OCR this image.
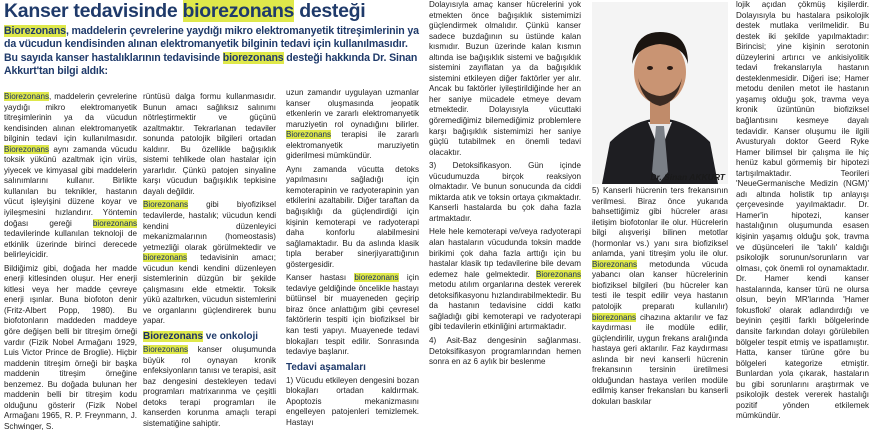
Kanser tedavisinde biorezonans desteği
Biorezonans, maddelerin çevrelerine yaydığı mikro elektromanyetik titreşimlerinin ya da vücudun kendisinden alınan elektromanyetik bilginin tedavi için kullanılmasıdır. Bu sayıda kanser hastalıklarının tedavisinde biorezonans desteği hakkında Dr. Sinan Akkurt'tan bilgi aldık:

Biorezonans, maddelerin çevrelerine yaydığı mikro elektromanyetik titreşimlerinin ya da vücudun kendisinden alınan elektromanyetik bilginin tedavi için kullanılmasıdır. Biorezonans aynı zamanda vücudu toksik yükünü azaltmak için virüs, yiyecek ve kimyasal gibi maddelerin salınımlarını kullanır. Birlikte kullanılan bu teknikler, hastanın vücut işleyişini düzene koyar ve iyileşmesini hızlandırır. Yöntemin doğası gereği biorezonans tedavilerinde kullanılan teknoloji de etkinlik üzerinde birinci derecede belirleyicidir.

Bildiğimiz gibi, doğada her madde enerji kitlesinden oluşur. Her enerji kitlesi veya her madde çevreye enerji ışınlar. Buna biofoton denir (Fritz-Albert Popp, 1980). Bu biofotonların maddeden maddeye göre değişen belli bir titreşim örneği vardır (Fizik Nobel Armağanı 1929, Luis Victor Prince de Broglie). Hiçbir maddenin titreşim örneği bir başka maddenin titreşim örneğine benzemez. Bu doğada bulunan her maddenin belli bir titreşim kodu olduğunu gösterir (Fizik Nobel Armağanı 1965, R. P. Freynmann, J. Schwinger, S.

rüntüsü dalga formu kullanmasıdır. Bunun amacı sağlıksız salınımı nötrleştirmektir ve güçünü azaltmaktır. Tekrarlanan tedaviler sonunda patolojik bilgileri ortadan kaldırır. Bu özellikle bağışıklık sistemi tehlikede olan hastalar için yararlıdır. Çünkü patojen sinyaline karşı vücudun bağışıklık tepkisine dayalı değildir.

Biorezonans gibi biyofiziksel tedavilerde, hastalık; vücudun kendi kendini düzenleyici mekanizmalarının (homeostasis) yetmezliği olarak görülmektedir ve biorezonans tedavisinin amacı; vücudun kendi kendini düzenleyen sistemlerinin düzgün bir şekilde çalışmasını elde etmektir. Toksik yükü azaltırken, vücudun sistemlerini ve organlarını güçlendirerek bunu yapar.

Biorezonans ve onkoloji

Biorezonans kanser oluşumunda büyük rol oynayan kronik enfeksiyonların tanısı ve terapisi, asit baz dengesini destekleyen tedavi programları matrixarınma ve çeşitli detoks terapi programları ile kanserden korunma amaçlı terapi sistematiğine sahiptir.

uzun zamandır uygulayan uzmanlar kanser oluşmasında jeopatik etkenlerin ve zararlı elektromanyetik maruziyetin rol oynadığını bilirler. Biorezonans terapisi ile zararlı elektromanyetik maruziyetin giderilmesi mümkündür.

Aynı zamanda vücutta detoks yapılmasını sağladığı için kemoterapinin ve radyoterapinin yan etkilerini azaltabilir. Diğer taraftan da bağışıklığı da güçlendirdiği için kişinin kemoterapi ve radyoterapi daha konforlu alabilmesini sağlamaktadır. Bu da aslında klasik tıpla beraber sinerjiyarattığının göstergesidir.

Kanser hastası biorezonans için tedaviye geldiğinde öncelikle hastayı bütünsel bir muayeneden geçirip biraz önce anlattığım gibi çevresel faktörlerin tespiti için biofiziksel bir kan testi yapıyı. Muayenede tedavi blokajları tespit edilir. Sonrasında tedaviye başlanır.

Tedavi aşamaları

1) Vücudu etkileyen dengesini bozan blokajları ortadan kaldırmak. Apoptozis mekanizmasını engelleyen patojenleri temizlemek. Hastayı

Dolayısıyla amaç kanser hücrelerini yok etmekten önce bağışıklık sistemimizi güçlendirmek olmalıdır. Çünkü kanser sadece buzdağının su üstünde kalan kısmıdır. Buzun üzerinde kalan kısmın altında ise bağışıklık sistemi ve bağışıklık sistemini zayıflatan ya da bağışıklık sistemini etkileyen diğer faktörler yer alır. Ancak bu faktörler iyileştirildiğinde her an her saniye mücadele etmeye devam etmektedir. Dolayısıyla vücuttaki göremediğimiz bilemediğimiz problemlere karşı bağışıklık sistemimizi her saniye güçlü tutabilmek en önemli tedavi olacaktır.

3) Detoksifikasyon. Gün içinde vücudumuzda birçok reaksiyon olmaktadır. Ve bunun sonucunda da ciddi miktarda atık ve toksin ortaya çıkmaktadır. Kanserli hastalarda bu çok daha fazla artmaktadır.

Hele hele kemoterapi ve/veya radyoterapi alan hastaların vücudunda toksin madde birikimi çok daha fazla arttığı için bu hastalar klasik tıp tedavilerine bile devam edemez hale gelmektedir. Biorezonans metodu atılım organlarına destek vererek detoksifikasyonu hızlandırabilmektedir. Bu da hastanın tedavisine ciddi katkı sağladığı gibi kemoterapi ve radyoterapi gibi tedavilerin etkinliğini artırmaktadır.

4) Asit-Baz dengesinin sağlanması. Detoksifikasyon programlarından hemen sonra en az 6 aylık bir beslenme

Dr. Sinan AKKURT

5) Kanserli hücrenin ters frekansının verilmesi. Biraz önce yukarıda bahsettiğimiz gibi hücreler arası iletişim biofotonlar ile olur. Hücrelerin bilgi alışverişi bilinen metotlar (hormonlar vs.) yanı sıra biofiziksel anlamda, yani titreşim yolu ile olur. Biorezonans metodunda vücuda yabancı olan kanser hücrelerinin biofiziksel bilgileri (bu hücreler kan testi ile tespit edilir veya hastanın patolojik preparatı kullanılır) biorezonans cihazına aktarılır ve faz kaydırması ile modüle edilir, güçlendirilir, uygun frekans aralığında hastaya geri aktarılır. Faz kaydırması aslında bir nevi kanserli hücrenin frekansının tersinin üretilmesi olduğundan hastaya verilen modüle edilmiş kanser frekansları bu kanserli dokuları baskılar

lojik açıdan çökmüş kişilerdir. Dolayısıyla bu hastalara psikolojik destek mutlaka verilmelidir. Bu destek iki şekilde yapılmaktadır: Birincisi; yine kişinin serotonin düzeylerini artırıcı ve ankisiyolitik tedavi frekanslarıyla hastanın desteklenmesidir. Diğeri ise; Hamer metodu denilen metot ile hastanın yaşamış olduğu şok, travma veya kronik üzüntünün biofiziksel bağlantısını kesmeye dayalı tedavidir. Kanser oluşumu ile ilgili Avusturyalı doktor Geerd Ryke Hamer bilimsel bir çalışma ile hiç henüz kabul görmemiş bir hipotezi tartışılmaktadır. Teorileri 'NeueGermanische Medizin (NGM)' adı altında holistik tıp anlayışı çerçevesinde yayılmaktadır. Dr. Hamer'in hipotezi, kanser hastalığının oluşumunda esasen kişinin yaşamış olduğu şok, travma ve düşünceleri ile 'takılı' kaldığı psikolojik sorunun/sorunların var olması, çok önemli rol oynamaktadır. Dr. Hamer kendi kanser hastalarında, kanser türü ne olursa olsun, beyin MR'larında 'Hamer fokusfloki' olarak adlandırdığı ve beyinin çeşitli farklı bölgelerinde dansite farkından dolayı görülebilen bölgeler tespit etmiş ve ispatlamıştır. Hatta, kanser türüne göre bu bölgeleri kategorize etmiştir. Bunlardan yola çıkarak, hastaların bu gibi sorunlarını araştırmak ve psikolojik destek vererek hastalığı pozitif yönden etkilemek mümkündür.
